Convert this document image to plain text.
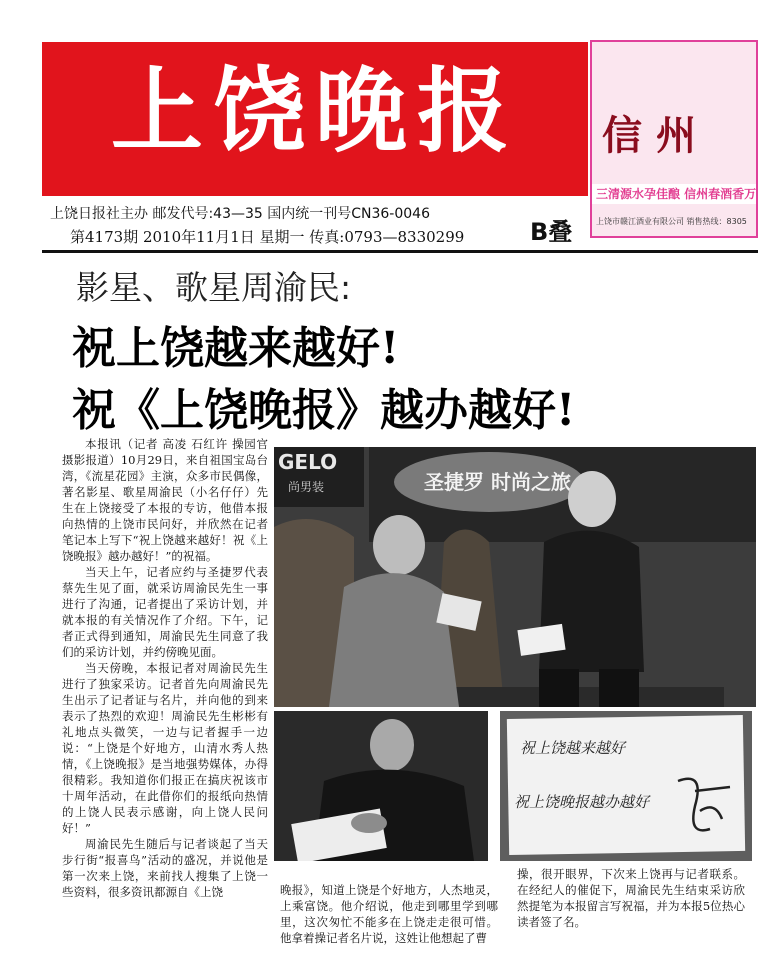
上饶晚报	信州
三清源水孕佳酿 信州春酒香万
上饶市赣江酒业有限公司 销售热线：8305
上饶日报社主办 邮发代号:43—35 国内统一刊号CN36-0046
第4173期 2010年11月1日 星期一 传真:0793—8330299	B叠
影星、歌星周渝民:
祝上饶越来越好!
祝《上饶晚报》越办越好!

本报讯（记者 高凌 石红许 操园官 摄影报道）10月29日，来自祖国宝岛台湾，《流星花园》主演，众多市民偶像，著名影星、歌星周渝民（小名仔仔）先生在上饶接受了本报的专访，他借本报向热情的上饶市民问好，并欣然在记者笔记本上写下“祝上饶越来越好！祝《上饶晚报》越办越好！”的祝福。

当天上午，记者应约与圣捷罗代表蔡先生见了面，就采访周渝民先生一事进行了沟通，记者提出了采访计划，并就本报的有关情况作了介绍。下午，记者正式得到通知，周渝民先生同意了我们的采访计划，并约傍晚见面。

当天傍晚，本报记者对周渝民先生进行了独家采访。记者首先向周渝民先生出示了记者证与名片，并向他的到来表示了热烈的欢迎！周渝民先生彬彬有礼地点头微笑，一边与记者握手一边说：“上饶是个好地方，山清水秀人热情，《上饶晚报》是当地强势媒体，办得很精彩。我知道你们报正在搞庆祝该市十周年活动，在此借你们的报纸向热情的上饶人民表示感谢，向上饶人民问好！”

周渝民先生随后与记者谈起了当天步行街“报喜鸟”活动的盛况，并说他是第一次来上饶，来前找人搜集了上饶一些资料，很多资讯都源自《上饶

GELO
尚男装	圣捷罗 时尚之旅
祝上饶越来越好
祝上饶晚报越办越好
晚报》，知道上饶是个好地方，人杰地灵，上乘富饶。他介绍说，他走到哪里学到哪里，这次匆忙不能多在上饶走走很可惜。他拿着操记者名片说，这姓让他想起了曹
操，很开眼界，下次来上饶再与记者联系。在经纪人的催促下，周渝民先生结束采访欣然提笔为本报留言写祝福，并为本报5位热心读者签了名。
